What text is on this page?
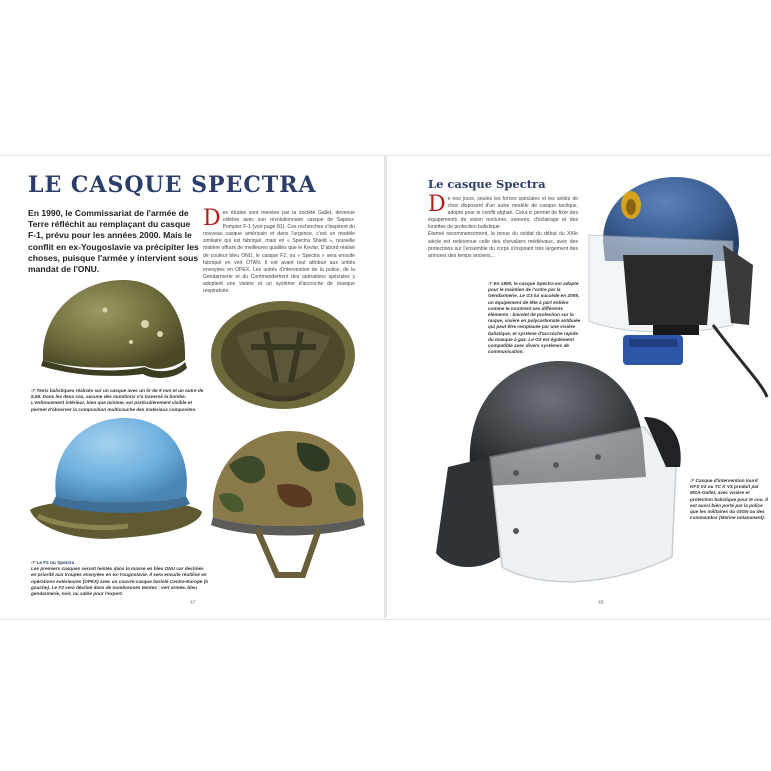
LE CASQUE SPECTRA
En 1990, le Commissariat de l'armée de Terre réfléchit au remplaçant du casque F-1, prévu pour les années 2000. Mais le conflit en ex-Yougoslavie va précipiter les choses, puisque l'armée y intervient sous mandat de l'ONU.
Des études sont menées par la société Gallet, devenue célèbre avec son révolutionnaire casque de Sapeur-Pompier F-1 (voir page 81). Ces recherches s'inspirent du nouveau casque américain et dans l'urgence, c'est un modèle similaire qui est fabriqué, mais en « Spectra Shield », nouvelle matière offrant de meilleures qualités que le Kevlar. D'abord réalisé de couleur bleu ONU, le casque F2, ou « Spectra » sera ensuite fabriqué en vert OTAN. Il est avant tout attribué aux unités envoyées en OPEX. Les unités d'intervention de la police, de la Gendarmerie et du Commandement des opérations spéciales y adoptent une visière et un système d'accroche de masque respiratoire.
☞ Tests balistiques réalisés sur un casque avec un tir de 9 mm et un autre de 5,56. Dans les deux cas, aucune des munitions n'a traversé la bombe. L'enfoncement intérieur, bien que minime, est particulièrement visible et permet d'observer la composition multicouche des matériaux composites.
☞ Le F2 ou Spectra
Les premiers casques seront teintés dans la masse en bleu ONU car destinés en priorité aux troupes envoyées en ex-Yougoslavie. Il sera ensuite réutilisé en opérations extérieures (OPEX) avec un couvre-casque bariolé Centre-Europe (à gauche). Le F2 sera décliné dans de nombreuses teintes : vert armée, bleu gendarmerie, noir, ou sable pour l'export.
47
Le casque Spectra
De nos jours, seules les forces spéciales et les unités de choc disposent d'un autre modèle de casque tactique, adopté pour le conflit afghan. Celui-ci permet de fixer des équipements de vision nocturne, sonores, d'éclairage et des lunettes de protection balistique.
Éternel recommencement, la tenue du soldat du début du XXIe siècle est redevenue celle des chevaliers médiévaux, avec des protections sur l'ensemble du corps s'inspirant très largement des armures des temps anciens...
☞ En 1990, le casque Spectra est adopté pour le maintien de l'ordre par la Gendarmerie. Le G3 lui succède en 2009, un équipement de tête à part entière comme le montrent ses différents éléments : bavolet de protection sur la nuque, visière en polycarbonate antibuée qui peut être remplacée par une visière balistique, et système d'accroche rapide du masque à gaz. Le G3 est également compatible avec divers systèmes de communication.
☞ Casque d'intervention lourd KFS V2 ou TC K V3 produit par MSA-Gallet, avec visière et protection balistique pour le cou. Il est aussi bien porté par la police que les militaires du GIGN ou des commandos (Marine notamment).
48
